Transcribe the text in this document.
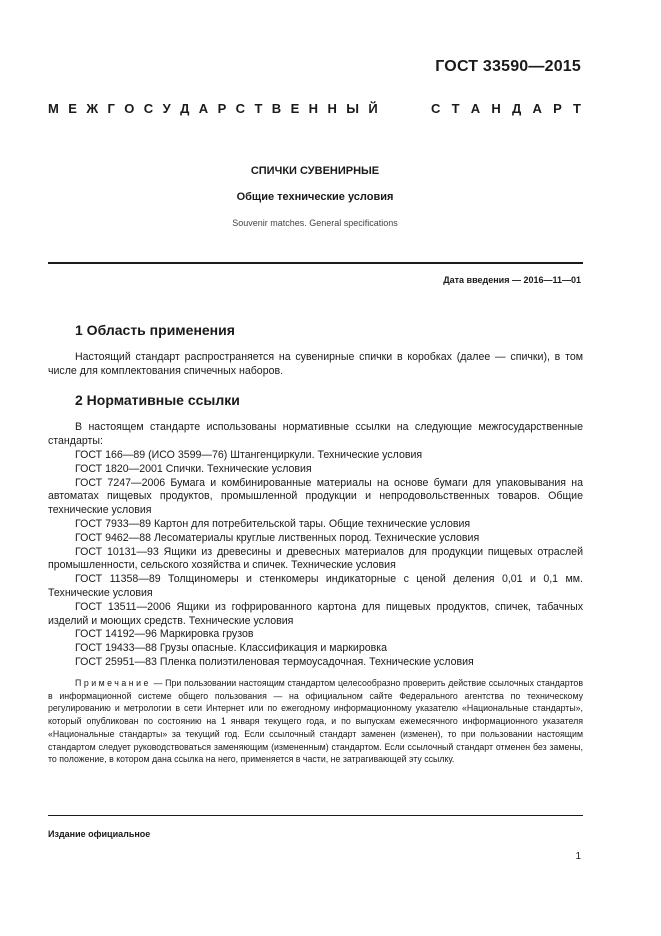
ГОСТ 33590—2015
М Е Ж Г О С У Д А Р С Т В Е Н Н Ы Й	С Т А Н Д А Р Т
СПИЧКИ СУВЕНИРНЫЕ
Общие технические условия
Souvenir matches. General specifications
Дата введения — 2016—11—01
1 Область применения

Настоящий стандарт распространяется на сувенирные спички в коробках (далее — спички), в том числе для комплектования спичечных наборов.

2 Нормативные ссылки

В настоящем стандарте использованы нормативные ссылки на следующие межгосударственные стандарты:

ГОСТ 166—89 (ИСО 3599—76) Штангенциркули. Технические условия
ГОСТ 1820—2001 Спички. Технические условия
ГОСТ 7247—2006 Бумага и комбинированные материалы на основе бумаги для упаковывания на автоматах пищевых продуктов, промышленной продукции и непродовольственных товаров. Общие технические условия
ГОСТ 7933—89 Картон для потребительской тары. Общие технические условия
ГОСТ 9462—88 Лесоматериалы круглые лиственных пород. Технические условия
ГОСТ 10131—93 Ящики из древесины и древесных материалов для продукции пищевых отраслей промышленности, сельского хозяйства и спичек. Технические условия
ГОСТ 11358—89 Толщиномеры и стенкомеры индикаторные с ценой деления 0,01 и 0,1 мм. Технические условия
ГОСТ 13511—2006 Ящики из гофрированного картона для пищевых продуктов, спичек, табачных изделий и моющих средств. Технические условия
ГОСТ 14192—96 Маркировка грузов
ГОСТ 19433—88 Грузы опасные. Классификация и маркировка
ГОСТ 25951—83 Пленка полиэтиленовая термоусадочная. Технические условия
Примечание — При пользовании настоящим стандартом целесообразно проверить действие ссылочных стандартов в информационной системе общего пользования — на официальном сайте Федерального агентства по техническому регулированию и метрологии в сети Интернет или по ежегодному информационному указателю «Национальные стандарты», который опубликован по состоянию на 1 января текущего года, и по выпускам ежемесячного информационного указателя «Национальные стандарты» за текущий год. Если ссылочный стандарт заменен (изменен), то при пользовании настоящим стандартом следует руководствоваться заменяющим (измененным) стандартом. Если ссылочный стандарт отменен без замены, то положение, в котором дана ссылка на него, применяется в части, не затрагивающей эту ссылку.
Издание официальное
1
